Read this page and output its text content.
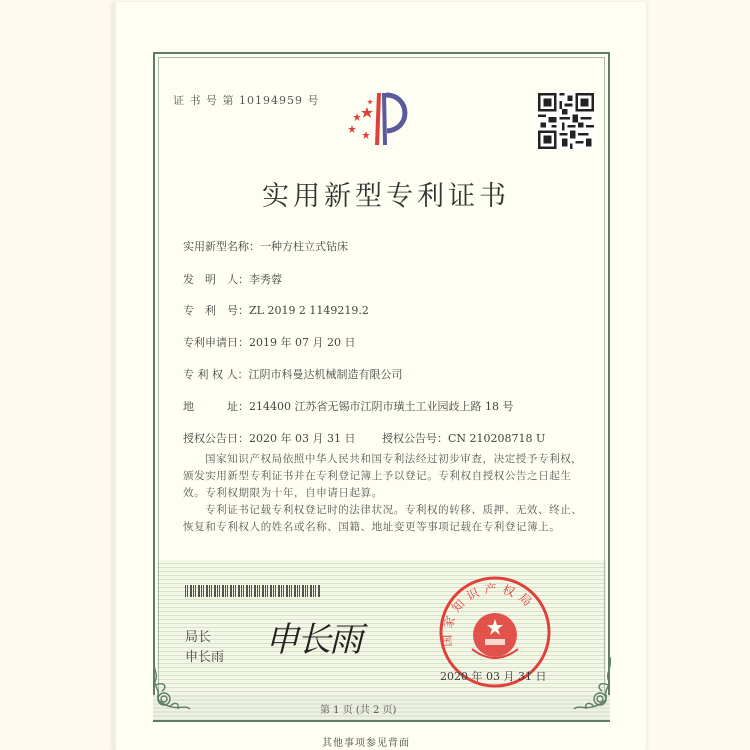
证 书 号 第 10194959 号
实用新型专利证书
实用新型名称：一种方柱立式钻床
发　明　人：李秀蓉
专　利　号：ZL 2019 2 1149219.2
专利申请日：2019 年 07 月 20 日
专 利 权 人：江阴市科曼达机械制造有限公司
地　　　址：214400 江苏省无锡市江阴市璜土工业园歧上路 18 号
授权公告日：2020 年 03 月 31 日 授权公告号：CN 210208718 U
国家知识产权局依照中华人民共和国专利法经过初步审查，决定授予专利权，颁发实用新型专利证书并在专利登记簿上予以登记。专利权自授权公告之日起生效。专利权期限为十年，自申请日起算。
专利证书记载专利权登记时的法律状况。专利权的转移、质押、无效、终止、恢复和专利权人的姓名或名称、国籍、地址变更等事项记载在专利登记簿上。
局长
申长雨 申长雨	国家知识产权局
2020 年 03 月 31 日
第 1 页 (共 2 页)
其他事项参见背面
